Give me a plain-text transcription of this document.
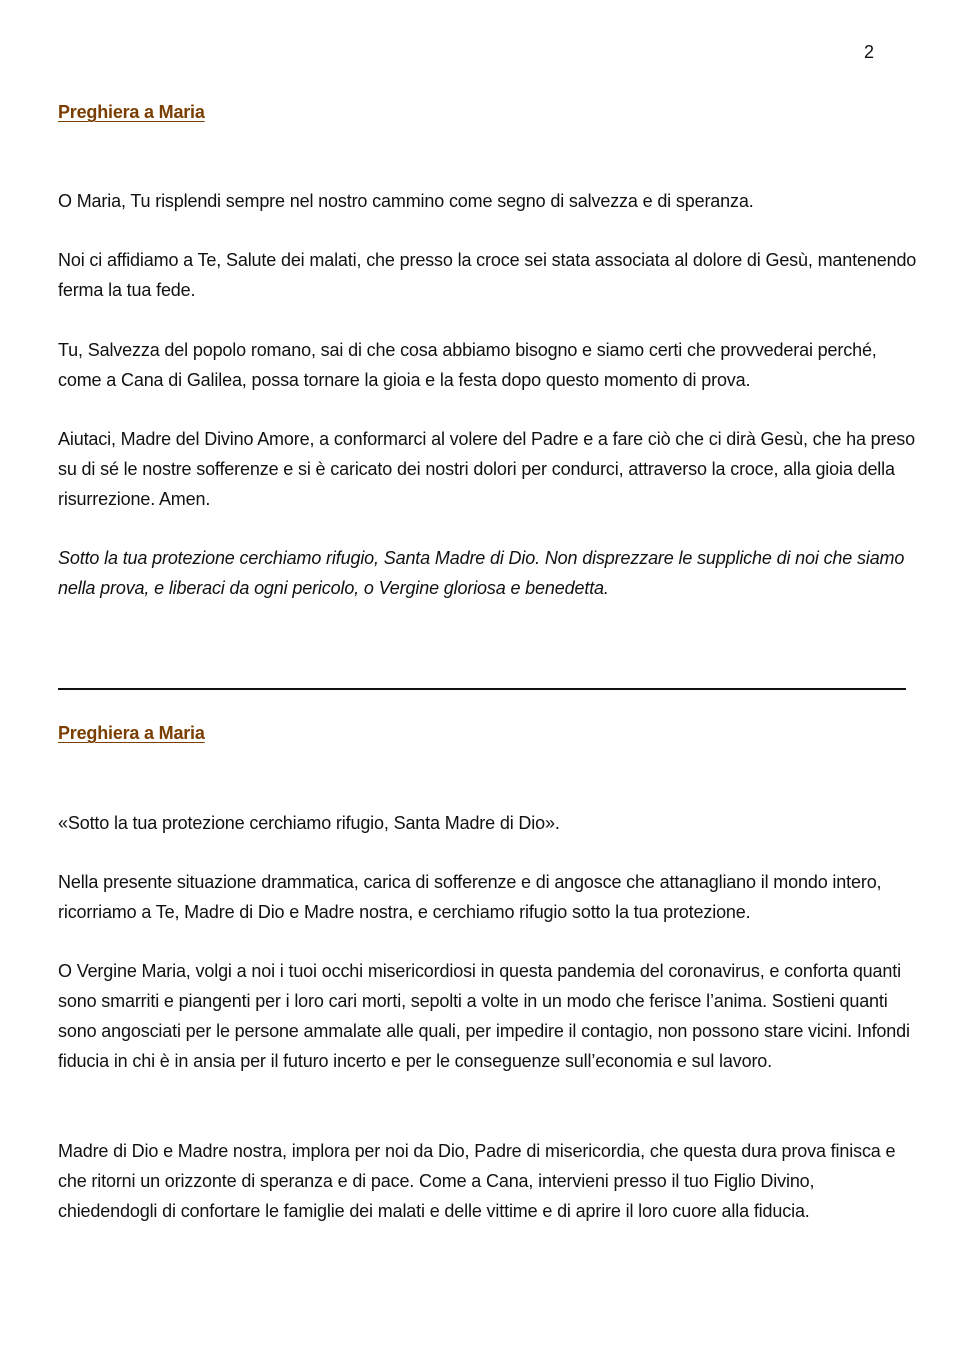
2
Preghiera a Maria

O Maria, Tu risplendi sempre nel nostro cammino come segno di salvezza e di speranza.

Noi ci affidiamo a Te, Salute dei malati, che presso la croce sei stata associata al dolore di Gesù, mantenendo ferma la tua fede.

Tu, Salvezza del popolo romano, sai di che cosa abbiamo bisogno e siamo certi che provvederai perché, come a Cana di Galilea, possa tornare la gioia e la festa dopo questo momento di prova.

Aiutaci, Madre del Divino Amore, a conformarci al volere del Padre e a fare ciò che ci dirà Gesù, che ha preso su di sé le nostre sofferenze e si è caricato dei nostri dolori per condurci, attraverso la croce, alla gioia della risurrezione. Amen.

Sotto la tua protezione cerchiamo rifugio, Santa Madre di Dio. Non disprezzare le suppliche di noi che siamo nella prova, e liberaci da ogni pericolo, o Vergine gloriosa e benedetta.

Preghiera a Maria

«Sotto la tua protezione cerchiamo rifugio, Santa Madre di Dio».

Nella presente situazione drammatica, carica di sofferenze e di angosce che attanagliano il mondo intero, ricorriamo a Te, Madre di Dio e Madre nostra, e cerchiamo rifugio sotto la tua protezione.

O Vergine Maria, volgi a noi i tuoi occhi misericordiosi in questa pandemia del coronavirus, e conforta quanti sono smarriti e piangenti per i loro cari morti, sepolti a volte in un modo che ferisce l’anima. Sostieni quanti sono angosciati per le persone ammalate alle quali, per impedire il contagio, non possono stare vicini. Infondi fiducia in chi è in ansia per il futuro incerto e per le conseguenze sull’economia e sul lavoro.

Madre di Dio e Madre nostra, implora per noi da Dio, Padre di misericordia, che questa dura prova finisca e che ritorni un orizzonte di speranza e di pace. Come a Cana, intervieni presso il tuo Figlio Divino, chiedendogli di confortare le famiglie dei malati e delle vittime e di aprire il loro cuore alla fiducia.
